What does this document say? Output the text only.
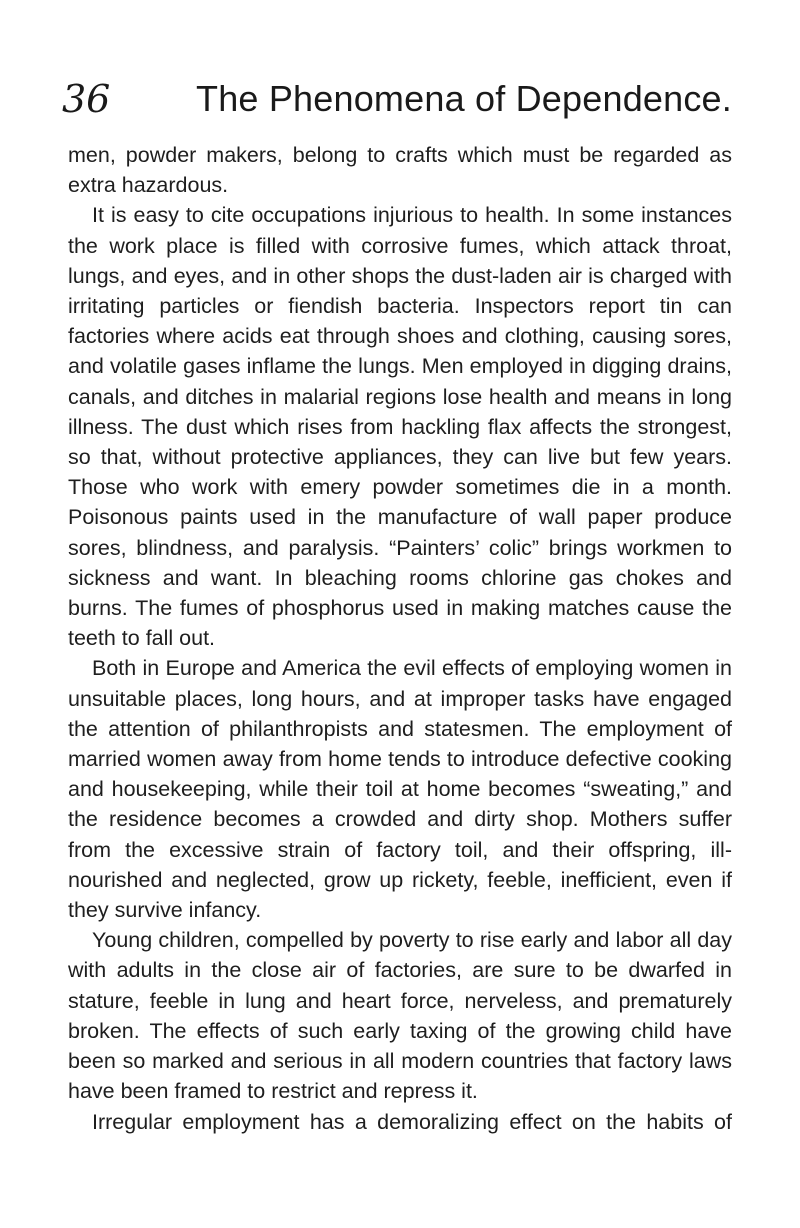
36 The Phenomena of Dependence.

men, powder makers, belong to crafts which must be regarded as extra hazardous.

It is easy to cite occupations injurious to health. In some instances the work place is filled with corrosive fumes, which attack throat, lungs, and eyes, and in other shops the dust-laden air is charged with irritating particles or fiendish bacteria. Inspectors report tin can factories where acids eat through shoes and clothing, causing sores, and volatile gases inflame the lungs. Men employed in digging drains, canals, and ditches in malarial regions lose health and means in long illness. The dust which rises from hackling flax affects the strongest, so that, without protective appliances, they can live but few years. Those who work with emery powder sometimes die in a month. Poisonous paints used in the manufacture of wall paper produce sores, blindness, and paralysis. “Painters’ colic” brings workmen to sickness and want. In bleaching rooms chlorine gas chokes and burns. The fumes of phosphorus used in making matches cause the teeth to fall out.

Both in Europe and America the evil effects of employing women in unsuitable places, long hours, and at improper tasks have engaged the attention of philanthropists and statesmen. The employment of married women away from home tends to introduce defective cooking and housekeeping, while their toil at home becomes “sweating,” and the residence becomes a crowded and dirty shop. Mothers suffer from the excessive strain of factory toil, and their offspring, ill-nourished and neglected, grow up rickety, feeble, inefficient, even if they survive infancy.

Young children, compelled by poverty to rise early and labor all day with adults in the close air of factories, are sure to be dwarfed in stature, feeble in lung and heart force, nerveless, and prematurely broken. The effects of such early taxing of the growing child have been so marked and serious in all modern countries that factory laws have been framed to restrict and repress it.

Irregular employment has a demoralizing effect on the habits of
